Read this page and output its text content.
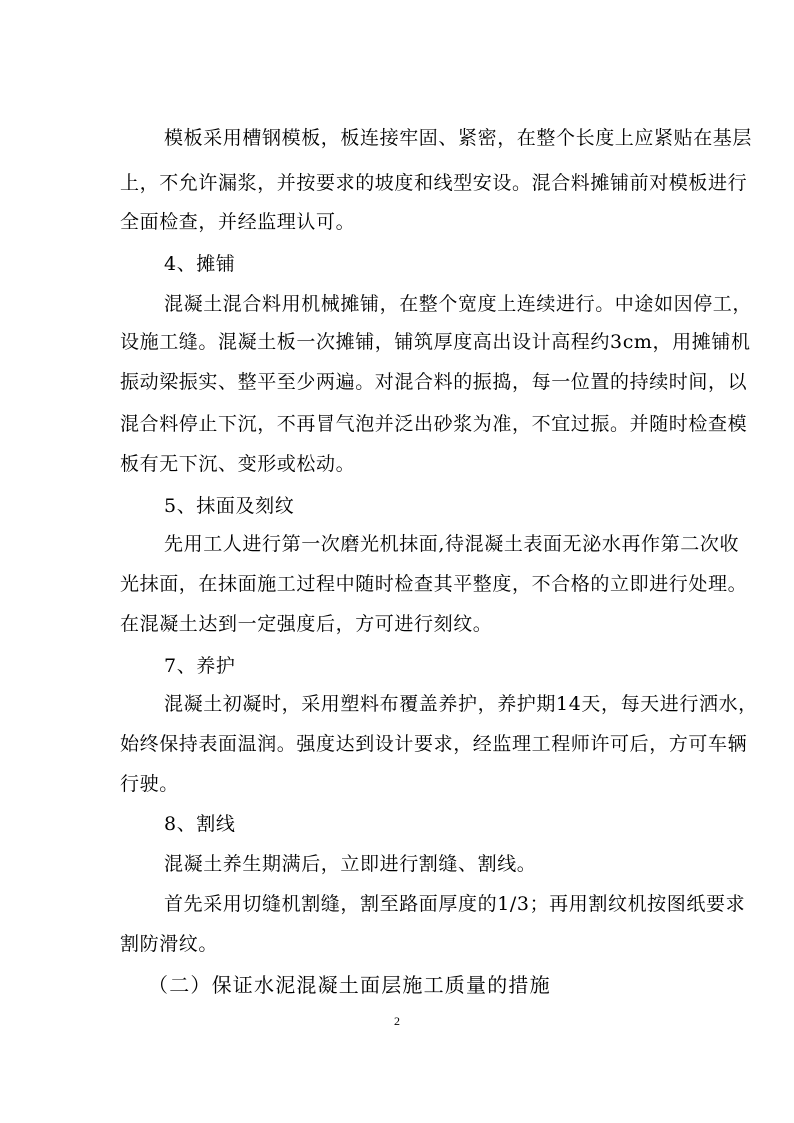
模板采用槽钢模板，板连接牢固、紧密，在整个长度上应紧贴在基层
上，不允许漏浆，并按要求的坡度和线型安设。混合料摊铺前对模板进行
全面检查，并经监理认可。
4、摊铺
混凝土混合料用机械摊铺，在整个宽度上连续进行。中途如因停工，
设施工缝。混凝土板一次摊铺，铺筑厚度高出设计高程约3cm，用摊铺机
振动梁振实、整平至少两遍。对混合料的振捣，每一位置的持续时间，以
混合料停止下沉，不再冒气泡并泛出砂浆为准，不宜过振。并随时检查模
板有无下沉、变形或松动。
5、抹面及刻纹
先用工人进行第一次磨光机抹面,待混凝土表面无泌水再作第二次收
光抹面，在抹面施工过程中随时检查其平整度，不合格的立即进行处理。
在混凝土达到一定强度后，方可进行刻纹。
7、养护
混凝土初凝时，采用塑料布覆盖养护，养护期14天，每天进行洒水，
始终保持表面温润。强度达到设计要求，经监理工程师许可后，方可车辆
行驶。
8、割线
混凝土养生期满后，立即进行割缝、割线。
首先采用切缝机割缝，割至路面厚度的1/3；再用割纹机按图纸要求
割防滑纹。
（二）保证水泥混凝土面层施工质量的措施
2
